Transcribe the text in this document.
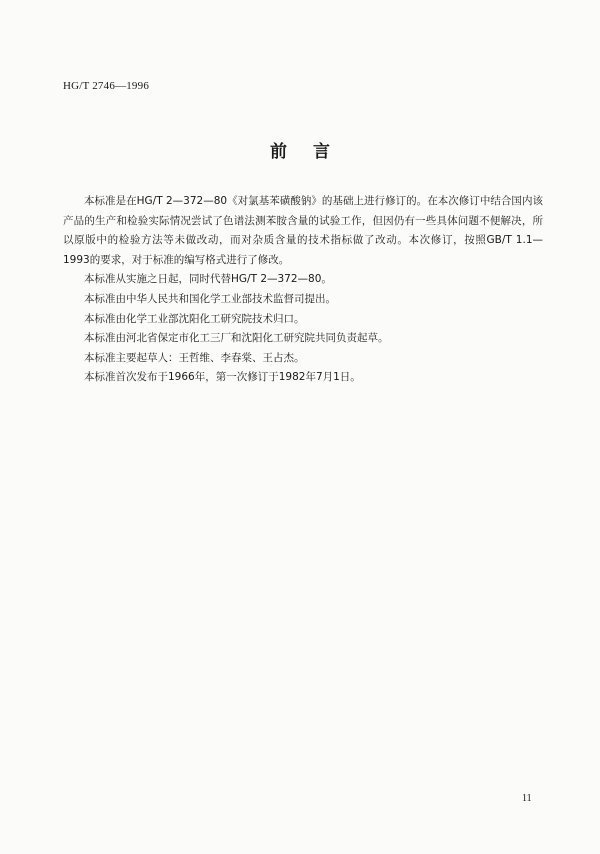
HG/T 2746—1996
前 言

本标准是在HG/T 2—372—80《对氯基苯磺酸钠》的基础上进行修订的。在本次修订中结合国内该产品的生产和检验实际情况尝试了色谱法测苯胺含量的试验工作，但因仍有一些具体问题不便解决，所以原版中的检验方法等未做改动，而对杂质含量的技术指标做了改动。本次修订，按照GB/T 1.1—1993的要求，对于标准的编写格式进行了修改。

本标准从实施之日起，同时代替HG/T 2—372—80。

本标准由中华人民共和国化学工业部技术监督司提出。

本标准由化学工业部沈阳化工研究院技术归口。

本标准由河北省保定市化工三厂和沈阳化工研究院共同负责起草。

本标准主要起草人：王哲维、李春棠、王占杰。

本标准首次发布于1966年，第一次修订于1982年7月1日。

11
